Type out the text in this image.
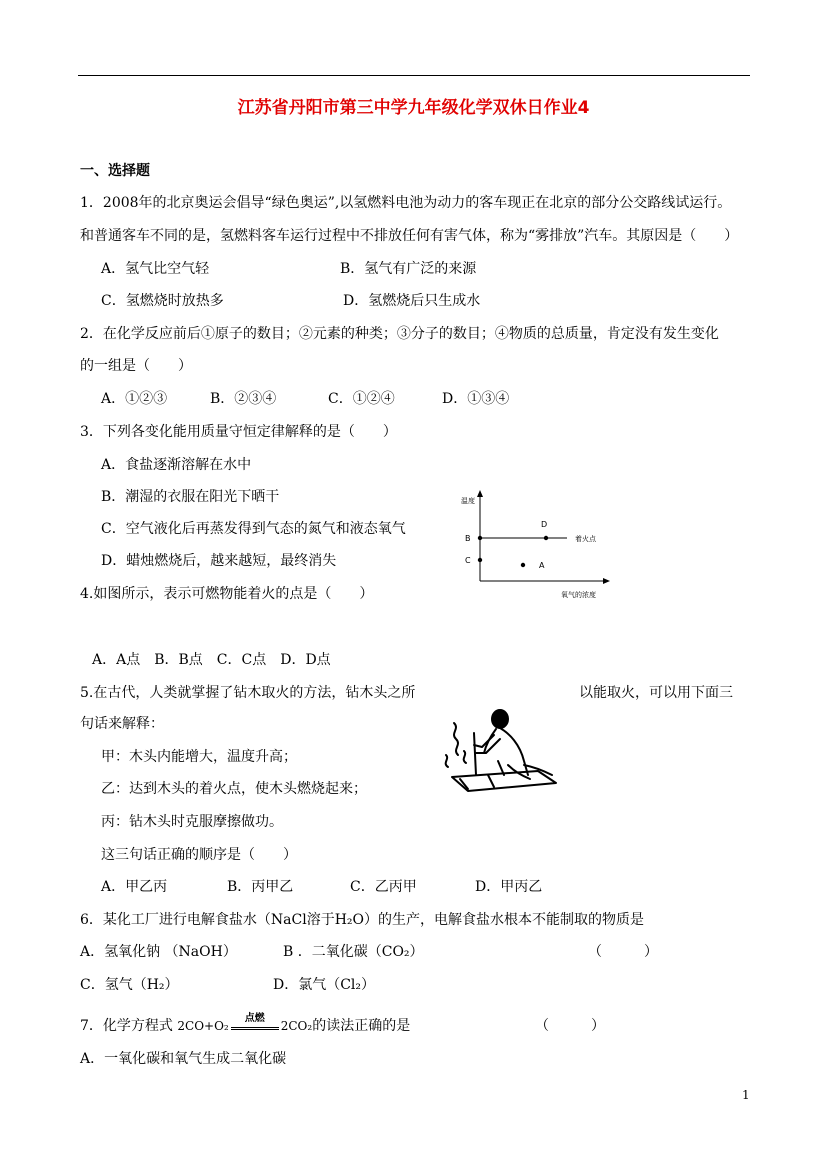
江苏省丹阳市第三中学九年级化学双休日作业4
一、选择题
1．2008年的北京奥运会倡导“绿色奥运”,以氢燃料电池为动力的客车现正在北京的部分公交路线试运行。
和普通客车不同的是，氢燃料客车运行过程中不排放任何有害气体，称为“雾排放”汽车。其原因是（　　）
A．氢气比空气轻	B．氢气有广泛的来源
C．氢燃烧时放热多	D．氢燃烧后只生成水
2．在化学反应前后①原子的数目；②元素的种类；③分子的数目；④物质的总质量，肯定没有发生变化
的一组是（　　）
A．①②③	B．②③④	C．①②④	D．①③④
3．下列各变化能用质量守恒定律解释的是（　　）
A．食盐逐渐溶解在水中
B．潮湿的衣服在阳光下晒干
C．空气液化后再蒸发得到气态的氮气和液态氧气
D．蜡烛燃烧后，越来越短，最终消失
温度
B
C
D
A
着火点
氧气的浓度
4.如图所示，表示可燃物能着火的点是（　　）
A．A点　B．B点　C．C点　D．D点
5.在古代，人类就掌握了钻木取火的方法，钻木头之所	以能取火，可以用下面三
句话来解释：
甲：木头内能增大，温度升高；
乙：达到木头的着火点，使木头燃烧起来；
丙：钻木头时克服摩擦做功。
这三句话正确的顺序是（　　）
A．甲乙丙	B．丙甲乙	C．乙丙甲	D．甲丙乙
6．某化工厂进行电解食盐水（NaCl溶于H₂O）的生产，电解食盐水根本不能制取的物质是
A．氢氧化钠 （NaOH）	B ．二氧化碳（CO₂）	（　　　）
C．氢气（H₂）	D．氯气（Cl₂）
7．化学方程式 2CO+O₂
点燃
2CO₂的读法正确的是	（　　　）
A．一氧化碳和氧气生成二氧化碳
1
